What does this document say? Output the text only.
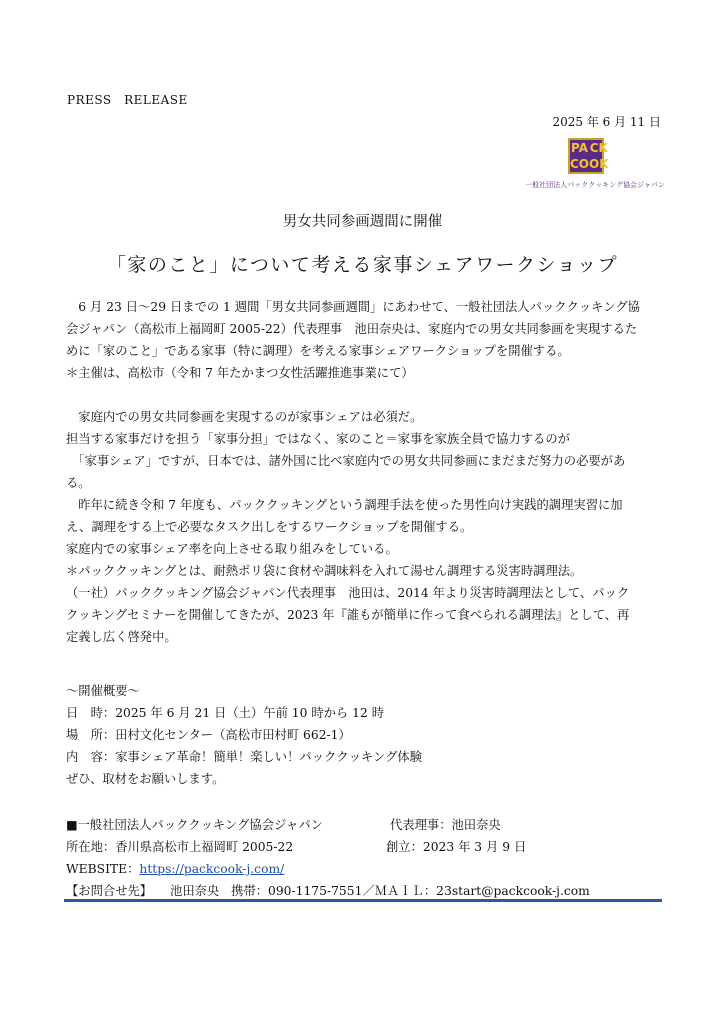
PRESS　RELEASE
2025 年 6 月 11 日
PA CK
CO OK
一般社団法人パッククッキング協会ジャパン
男女共同参画週間に開催
「家のこと」について考える家事シェアワークショップ
　6 月 23 日〜29 日までの 1 週間「男女共同参画週間」にあわせて、一般社団法人パッククッキング協
会ジャパン（高松市上福岡町 2005-22）代表理事　池田奈央は、家庭内での男女共同参画を実現するた
めに「家のこと」である家事（特に調理）を考える家事シェアワークショップを開催する。
＊主催は、高松市（令和 7 年たかまつ女性活躍推進事業にて）
　家庭内での男女共同参画を実現するのが家事シェアは必須だ。
担当する家事だけを担う「家事分担」ではなく、家のこと＝家事を家族全員で協力するのが
　「家事シェア」ですが、日本では、諸外国に比べ家庭内での男女共同参画にまだまだ努力の必要があ
る。
　昨年に続き令和 7 年度も、パッククッキングという調理手法を使った男性向け実践的調理実習に加
え、調理をする上で必要なタスク出しをするワークショップを開催する。
家庭内での家事シェア率を向上させる取り組みをしている。
＊パッククッキングとは、耐熱ポリ袋に食材や調味料を入れて湯せん調理する災害時調理法。
（一社）パッククッキング協会ジャパン代表理事　池田は、2014 年より災害時調理法として、パック
クッキングセミナーを開催してきたが、2023 年『誰もが簡単に作って食べられる調理法』として、再
定義し広く啓発中。
〜開催概要〜
日　時：2025 年 6 月 21 日（土）午前 10 時から 12 時
場　所：田村文化センター（高松市田村町 662-1）
内　容：家事シェア革命！簡単！楽しい！パッククッキング体験
ぜひ、取材をお願いします。
■一般社団法人パッククッキング協会ジャパン	代表理事：池田奈央
所在地：香川県高松市上福岡町 2005-22	創立：2023 年 3 月 9 日
WEBSITE：https://packcook-j.com/
【お問合せ先】 池田奈央 携帯：090-1175-7551／ＭＡＩＬ：23start@packcook-j.com
